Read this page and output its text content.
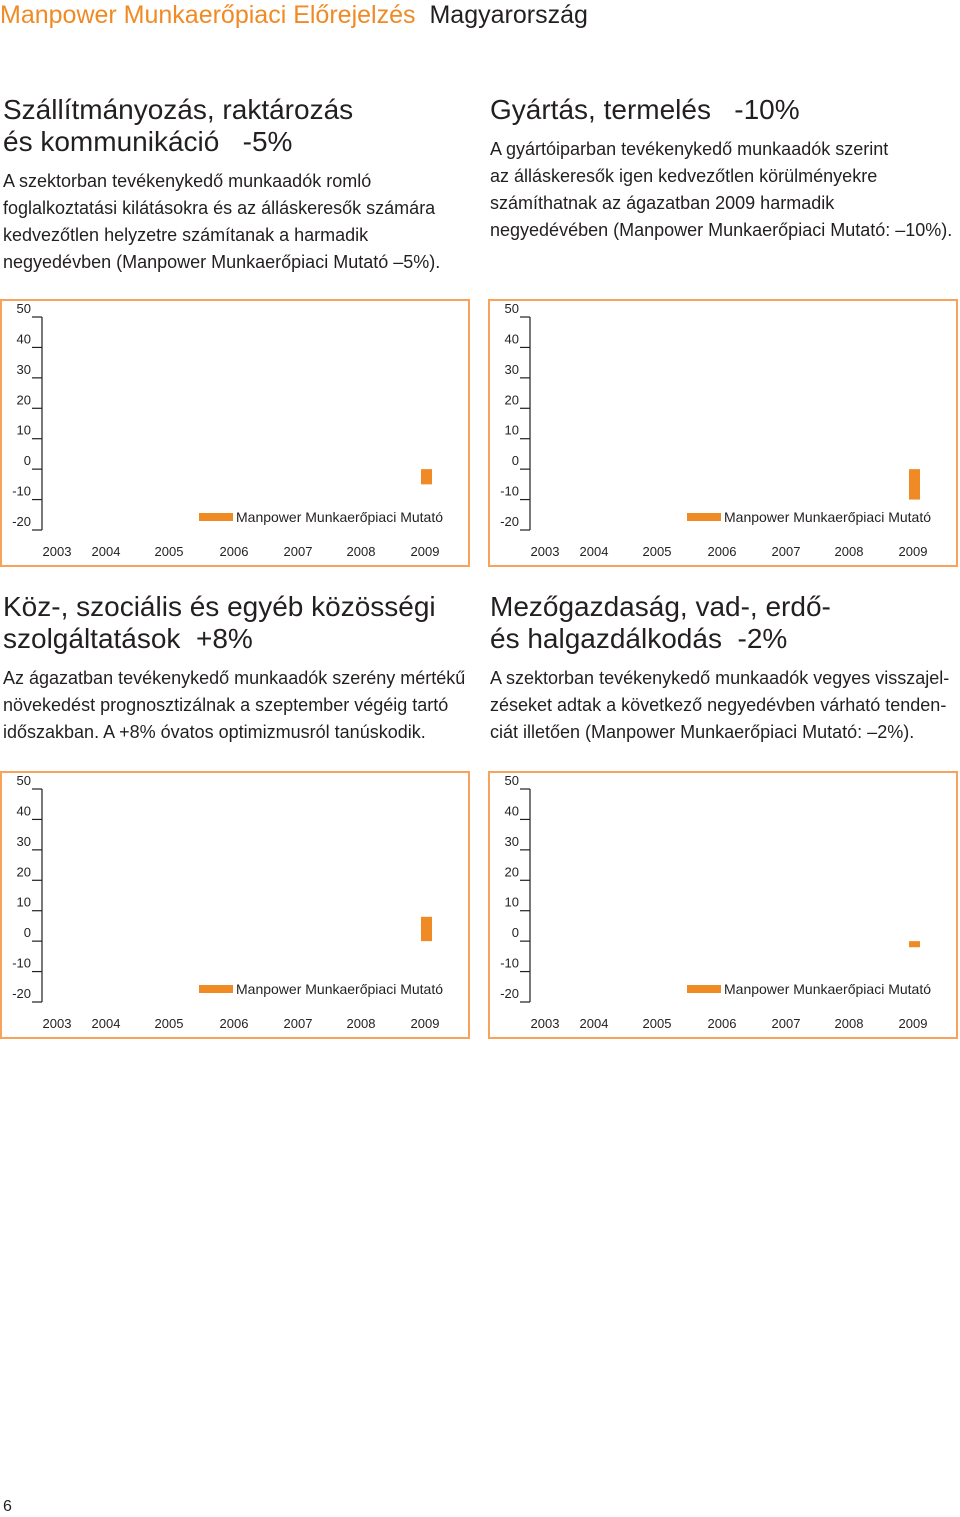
Manpower Munkaerőpiaci Előrejelzés Magyarország
Szállítmányozás, raktározás
és kommunikáció   -5%

A szektorban tevékenykedő munkaadók romló
foglalkoztatási kilátásokra és az álláskeresők számára
kedvezőtlen helyzetre számítanak a harmadik
negyedévben (Manpower Munkaerőpiaci Mutató –5%).

Gyártás, termelés   -10%

A gyártóiparban tevékenykedő munkaadók szerint
az álláskeresők igen kedvezőtlen körülményekre
számíthatnak az ágazatban 2009 harmadik
negyedévében (Manpower Munkaerőpiaci Mutató: –10%).

Köz-, szociális és egyéb közösségi
szolgáltatások  +8%

Az ágazatban tevékenykedő munkaadók szerény mértékű
növekedést prognosztizálnak a szeptember végéig tartó
időszakban. A +8% óvatos optimizmusról tanúskodik.

Mezőgazdaság, vad-, erdő-
és halgazdálkodás  -2%

A szektorban tevékenykedő munkaadók vegyes visszajel-
zéseket adtak a következő negyedévben várható tenden-
ciát illetően (Manpower Munkaerőpiaci Mutató: –2%).

50
40
30
20
10
0
-10
-20
2003 2004	2005	2006	2007	2008	2009
Manpower Munkaerőpiaci Mutató
50
40
30
20
10
0
-10
-20
2003 2004	2005	2006	2007	2008	2009
Manpower Munkaerőpiaci Mutató
50
40
30
20
10
0
-10
-20
2003 2004	2005	2006	2007	2008	2009
Manpower Munkaerőpiaci Mutató
50
40
30
20
10
0
-10
-20
2003 2004	2005	2006	2007	2008	2009
Manpower Munkaerőpiaci Mutató
6
